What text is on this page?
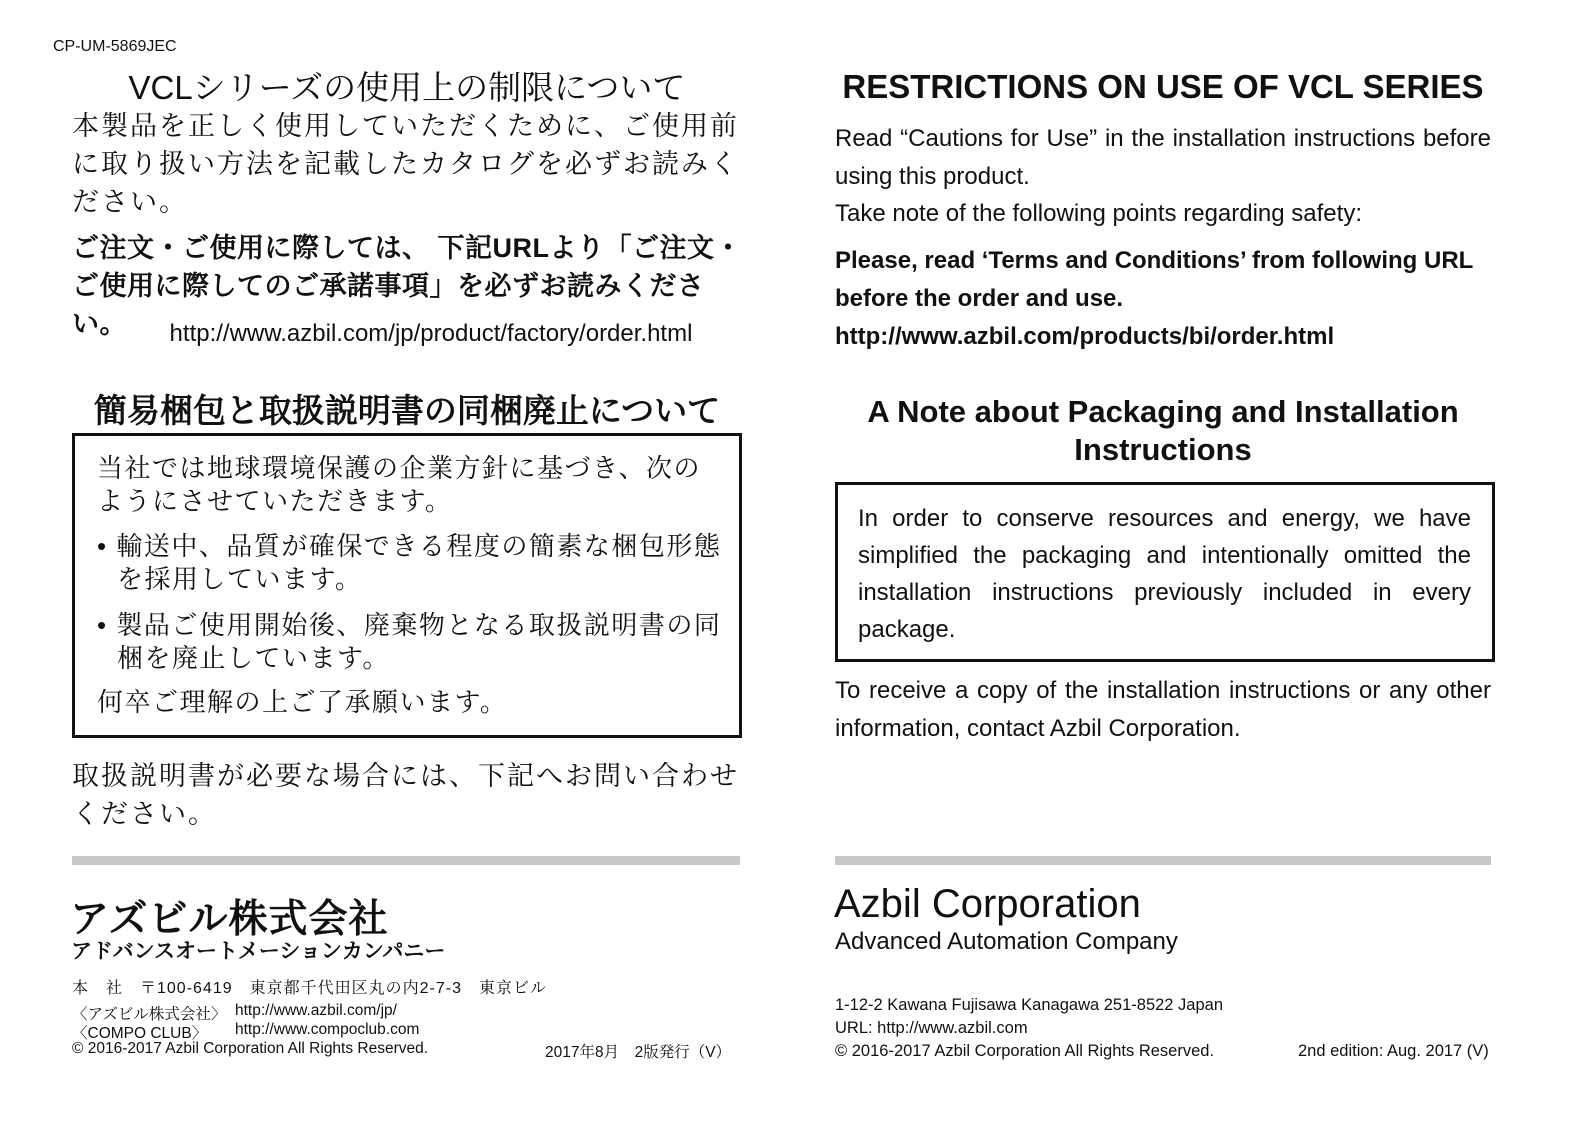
CP-UM-5869JEC
VCLシリーズの使用上の制限について
本製品を正しく使用していただくために、ご使用前に取り扱い方法を記載したカタログを必ずお読みください。
ご注文・ご使用に際しては、 下記URLより「ご注文・ご使用に際してのご承諾事項」を必ずお読みください。	http://www.azbil.com/jp/product/factory/order.html
簡易梱包と取扱説明書の同梱廃止について
当社では地球環境保護の企業方針に基づき、次のようにさせていただきます。
• 輸送中、品質が確保できる程度の簡素な梱包形態を採用しています。
• 製品ご使用開始後、廃棄物となる取扱説明書の同梱を廃止しています。
何卒ご理解の上ご了承願います。
取扱説明書が必要な場合には、下記へお問い合わせください。
アズビル株式会社
アドバンスオートメーションカンパニー
本　社　〒100-6419　東京都千代田区丸の内2-7-3　東京ビル
〈アズビル株式会社〉 http://www.azbil.com/jp/
〈COMPO CLUB〉 http://www.compoclub.com
© 2016-2017 Azbil Corporation All Rights Reserved.	2017年8月　2版発行（V）
RESTRICTIONS ON USE OF VCL SERIES
Read “Cautions for Use” in the installation instructions before using this product.
Take note of the following points regarding safety:
Please, read ‘Terms and Conditions’ from following URL before the order and use.
http://www.azbil.com/products/bi/order.html
A Note about Packaging and Installation Instructions
In order to conserve resources and energy, we have simplified the packaging and intentionally omitted the installation instructions previously included in every package.
To receive a copy of the installation instructions or any other information, contact Azbil Corporation.
Azbil Corporation
Advanced Automation Company
1-12-2 Kawana Fujisawa Kanagawa 251-8522 Japan
URL: http://www.azbil.com
© 2016-2017 Azbil Corporation All Rights Reserved.	2nd edition: Aug. 2017 (V)
